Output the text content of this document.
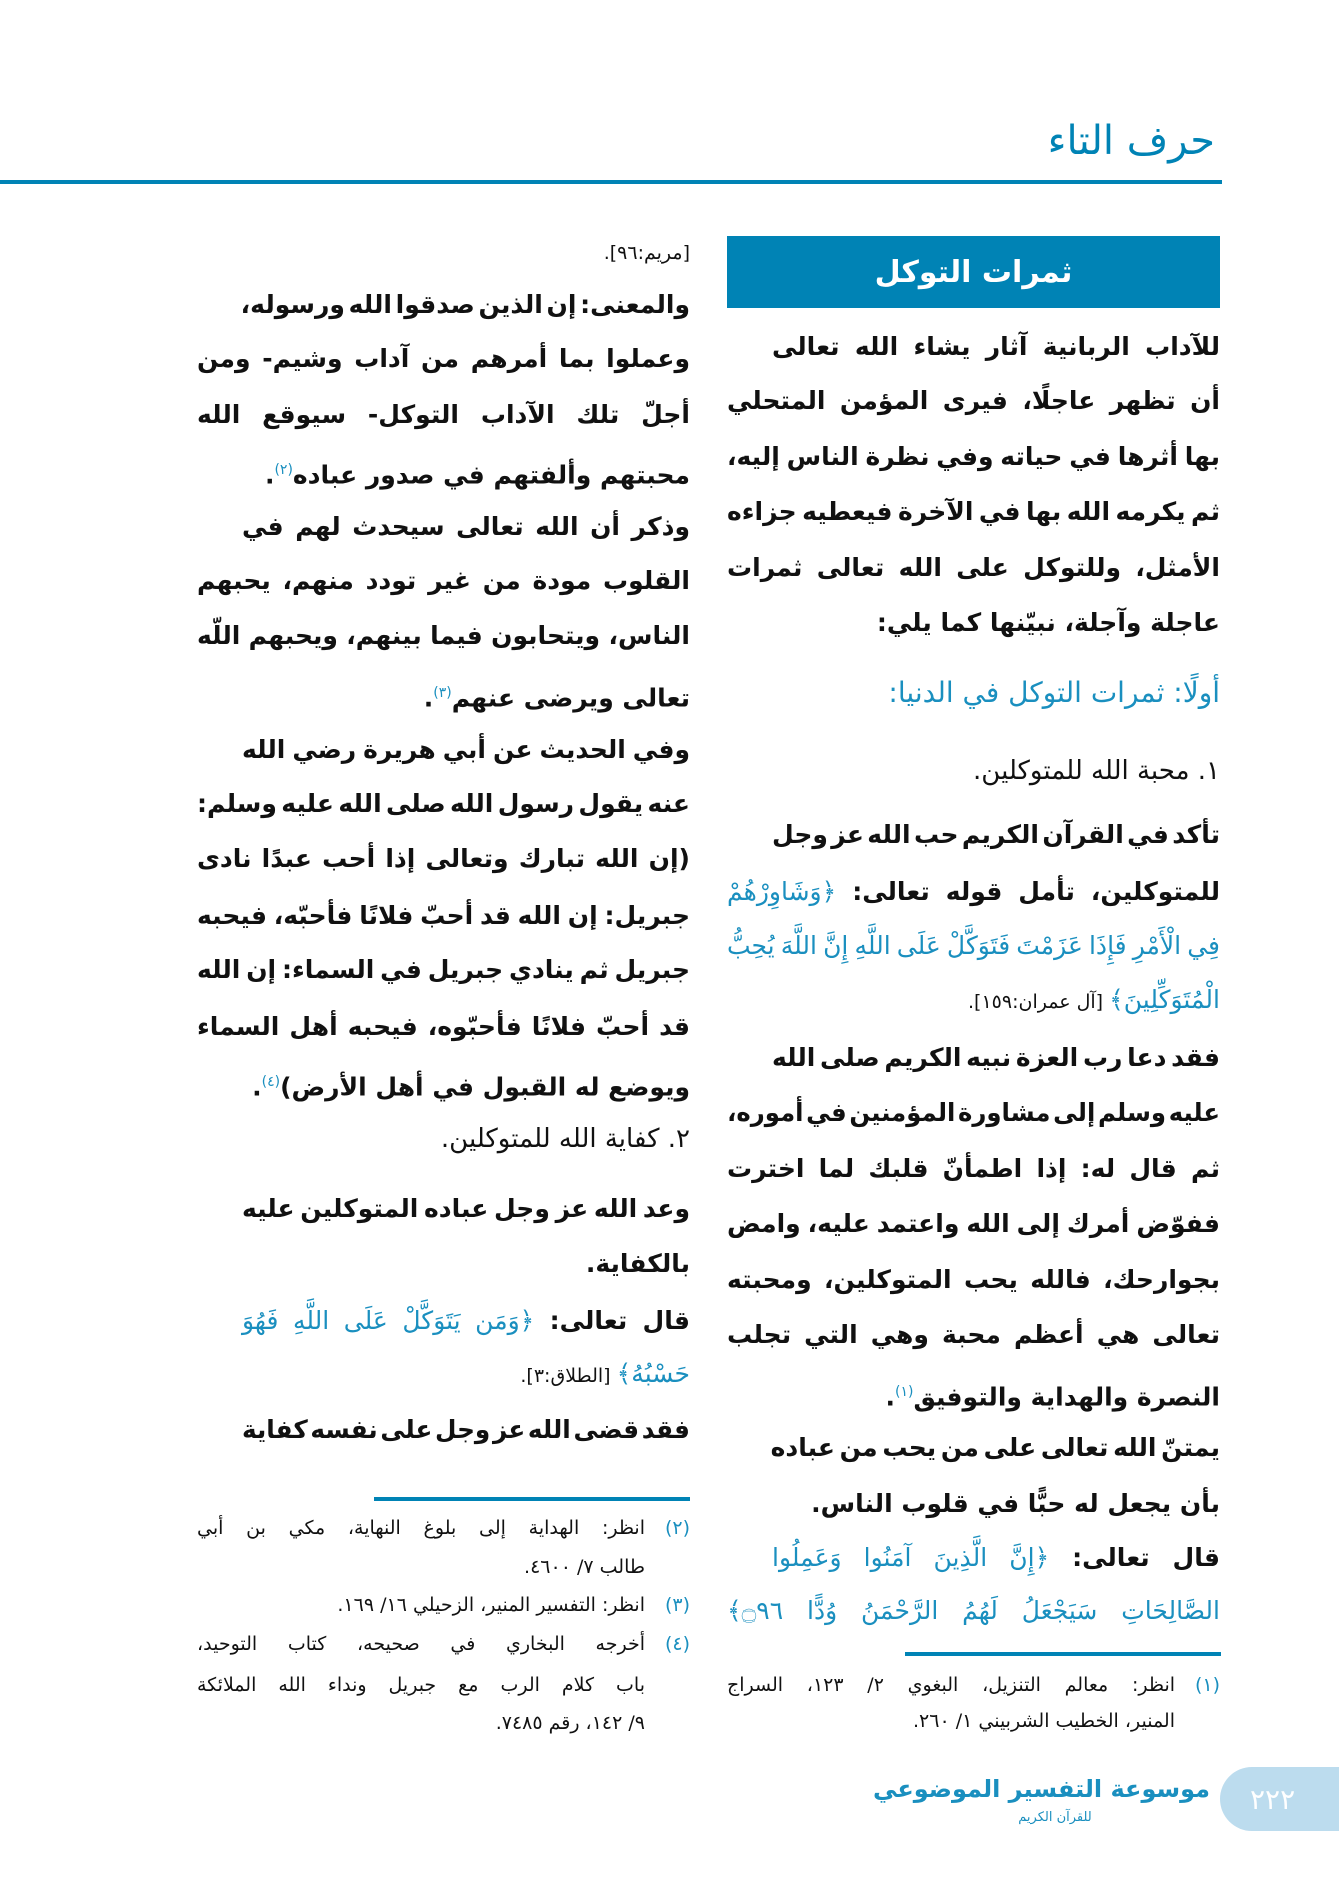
حرف التاء
للآداب الربانية آثار يشاء الله تعالى
أن تظهر عاجلًا، فيرى المؤمن المتحلي
بها أثرها في حياته وفي نظرة الناس إليه،
ثم يكرمه الله بها في الآخرة فيعطيه جزاءه
الأمثل، وللتوكل على الله تعالى ثمرات
عاجلة وآجلة، نبيّنها كما يلي:
أولًا: ثمرات التوكل في الدنيا:
١. محبة الله للمتوكلين.
تأكد في القرآن الكريم حب الله عز وجل
للمتوكلين، تأمل قوله تعالى: ﴿وَشَاوِرْهُمْ
فِي الْأَمْرِ فَإِذَا عَزَمْتَ فَتَوَكَّلْ عَلَى اللَّهِ إِنَّ اللَّهَ يُحِبُّ
الْمُتَوَكِّلِينَ﴾ [آل عمران:١٥٩].
فقد دعا رب العزة نبيه الكريم صلى الله
عليه وسلم إلى مشاورة المؤمنين في أموره،
ثم قال له: إذا اطمأنّ قلبك لما اخترت
ففوّض أمرك إلى الله واعتمد عليه، وامض
بجوارحك، فالله يحب المتوكلين، ومحبته
تعالى هي أعظم محبة وهي التي تجلب
النصرة والهداية والتوفيق$^{(١)}$.
يمتنّ الله تعالى على من يحب من عباده
بأن يجعل له حبًّا في قلوب الناس.
قال تعالى: ﴿إِنَّ الَّذِينَ آمَنُوا وَعَمِلُوا
الصَّالِحَاتِ سَيَجْعَلُ لَهُمُ الرَّحْمَنُ وُدًّا ۝٩٦﴾
انظر: معالم التنزيل، البغوي ٢/ ١٢٣، السراج	(١)
المنير، الخطيب الشربيني ١/ ٢٦٠.
[مريم:٩٦].
والمعنى: إن الذين صدقوا الله ورسوله،
وعملوا بما أمرهم من آداب وشيم- ومن
أجلّ تلك الآداب التوكل- سيوقع الله
محبتهم وألفتهم في صدور عباده$^{(٢)}$.
وذكر أن الله تعالى سيحدث لهم في
القلوب مودة من غير تودد منهم، يحبهم
الناس، ويتحابون فيما بينهم، ويحبهم اللّه
تعالى ويرضى عنهم$^{(٣)}$.
وفي الحديث عن أبي هريرة رضي الله
عنه يقول رسول الله صلى الله عليه وسلم:
(إن الله تبارك وتعالى إذا أحب عبدًا نادى
جبريل: إن الله قد أحبّ فلانًا فأحبّه، فيحبه
جبريل ثم ينادي جبريل في السماء: إن الله
قد أحبّ فلانًا فأحبّوه، فيحبه أهل السماء
ويوضع له القبول في أهل الأرض)$^{(٤)}$.
٢. كفاية الله للمتوكلين.
وعد الله عز وجل عباده المتوكلين عليه
بالكفاية.
قال تعالى: ﴿وَمَن يَتَوَكَّلْ عَلَى اللَّهِ فَهُوَ
حَسْبُهُ﴾ [الطلاق:٣].
فقد قضى الله عز وجل على نفسه كفاية
انظر: الهداية إلى بلوغ النهاية، مكي بن أبي	(٢)
طالب ٧/ ٤٦٠٠.
انظر: التفسير المنير، الزحيلي ١٦/ ١٦٩.	(٣)
أخرجه البخاري في صحيحه، كتاب التوحيد،	(٤)
باب كلام الرب مع جبريل ونداء الله الملائكة
٩/ ١٤٢، رقم ٧٤٨٥.
ثمرات التوكل
موسوعة التفسير الموضوعي
للقرآن الكريم
٢٢٢
